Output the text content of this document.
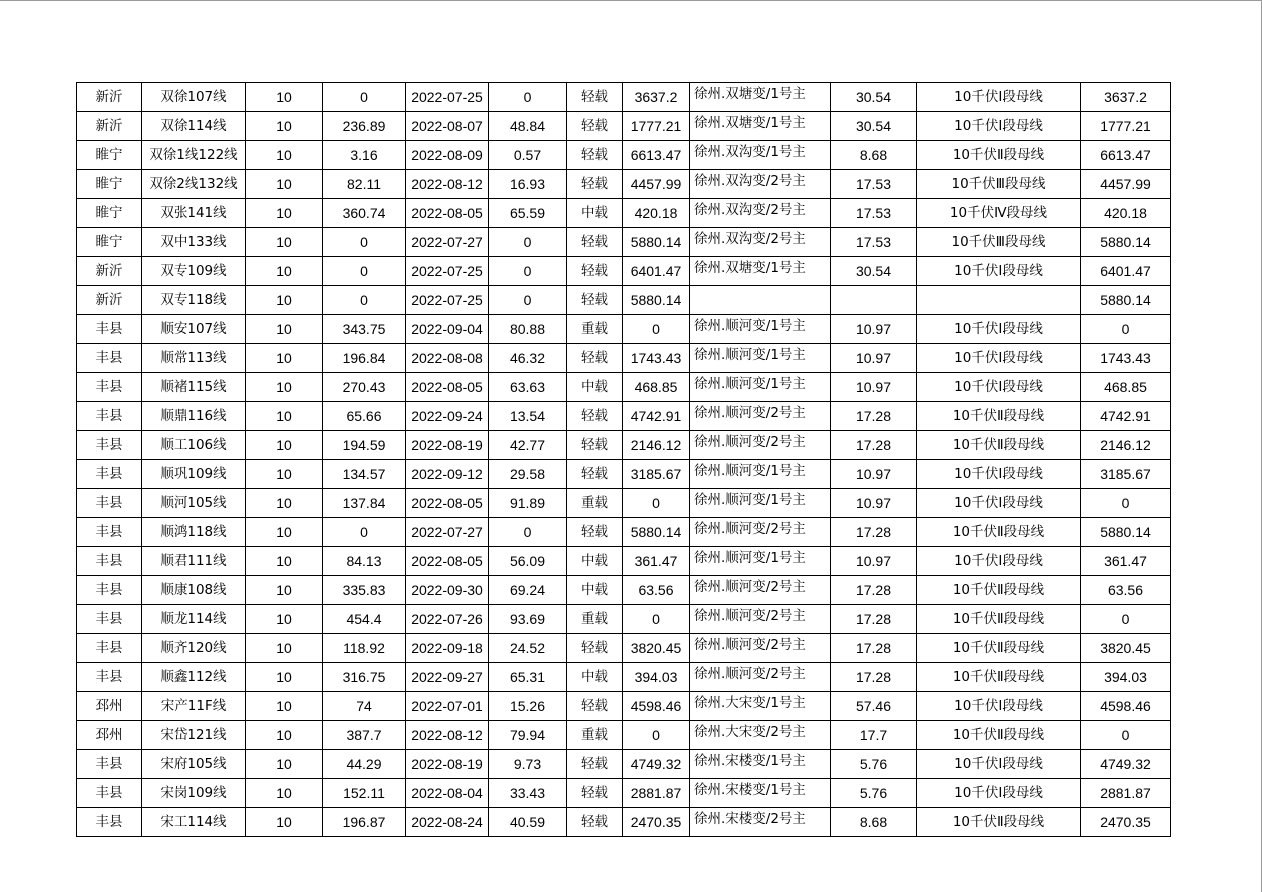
新沂	双徐107线	10	0	2022-07-25	0	轻载	3637.2	徐州.双塘变/1号主	30.54	10千伏Ⅰ段母线	3637.2
新沂	双徐114线	10	236.89	2022-08-07	48.84	轻载	1777.21	徐州.双塘变/1号主	30.54	10千伏Ⅰ段母线	1777.21
睢宁	双徐1线122线	10	3.16	2022-08-09	0.57	轻载	6613.47	徐州.双沟变/1号主	8.68	10千伏Ⅱ段母线	6613.47
睢宁	双徐2线132线	10	82.11	2022-08-12	16.93	轻载	4457.99	徐州.双沟变/2号主	17.53	10千伏Ⅲ段母线	4457.99
睢宁	双张141线	10	360.74	2022-08-05	65.59	中载	420.18	徐州.双沟变/2号主	17.53	10千伏Ⅳ段母线	420.18
睢宁	双中133线	10	0	2022-07-27	0	轻载	5880.14	徐州.双沟变/2号主	17.53	10千伏Ⅲ段母线	5880.14
新沂	双专109线	10	0	2022-07-25	0	轻载	6401.47	徐州.双塘变/1号主	30.54	10千伏Ⅰ段母线	6401.47
新沂	双专118线	10	0	2022-07-25	0	轻载	5880.14				5880.14
丰县	顺安107线	10	343.75	2022-09-04	80.88	重载	0	徐州.顺河变/1号主	10.97	10千伏Ⅰ段母线	0
丰县	顺常113线	10	196.84	2022-08-08	46.32	轻载	1743.43	徐州.顺河变/1号主	10.97	10千伏Ⅰ段母线	1743.43
丰县	顺褚115线	10	270.43	2022-08-05	63.63	中载	468.85	徐州.顺河变/1号主	10.97	10千伏Ⅰ段母线	468.85
丰县	顺鼎116线	10	65.66	2022-09-24	13.54	轻载	4742.91	徐州.顺河变/2号主	17.28	10千伏Ⅱ段母线	4742.91
丰县	顺工106线	10	194.59	2022-08-19	42.77	轻载	2146.12	徐州.顺河变/2号主	17.28	10千伏Ⅱ段母线	2146.12
丰县	顺巩109线	10	134.57	2022-09-12	29.58	轻载	3185.67	徐州.顺河变/1号主	10.97	10千伏Ⅰ段母线	3185.67
丰县	顺河105线	10	137.84	2022-08-05	91.89	重载	0	徐州.顺河变/1号主	10.97	10千伏Ⅰ段母线	0
丰县	顺鸿118线	10	0	2022-07-27	0	轻载	5880.14	徐州.顺河变/2号主	17.28	10千伏Ⅱ段母线	5880.14
丰县	顺君111线	10	84.13	2022-08-05	56.09	中载	361.47	徐州.顺河变/1号主	10.97	10千伏Ⅰ段母线	361.47
丰县	顺康108线	10	335.83	2022-09-30	69.24	中载	63.56	徐州.顺河变/2号主	17.28	10千伏Ⅱ段母线	63.56
丰县	顺龙114线	10	454.4	2022-07-26	93.69	重载	0	徐州.顺河变/2号主	17.28	10千伏Ⅱ段母线	0
丰县	顺齐120线	10	118.92	2022-09-18	24.52	轻载	3820.45	徐州.顺河变/2号主	17.28	10千伏Ⅱ段母线	3820.45
丰县	顺鑫112线	10	316.75	2022-09-27	65.31	中载	394.03	徐州.顺河变/2号主	17.28	10千伏Ⅱ段母线	394.03
邳州	宋产11F线	10	74	2022-07-01	15.26	轻载	4598.46	徐州.大宋变/1号主	57.46	10千伏Ⅰ段母线	4598.46
邳州	宋岱121线	10	387.7	2022-08-12	79.94	重载	0	徐州.大宋变/2号主	17.7	10千伏Ⅱ段母线	0
丰县	宋府105线	10	44.29	2022-08-19	9.73	轻载	4749.32	徐州.宋楼变/1号主	5.76	10千伏Ⅰ段母线	4749.32
丰县	宋岗109线	10	152.11	2022-08-04	33.43	轻载	2881.87	徐州.宋楼变/1号主	5.76	10千伏Ⅰ段母线	2881.87
丰县	宋工114线	10	196.87	2022-08-24	40.59	轻载	2470.35	徐州.宋楼变/2号主	8.68	10千伏Ⅱ段母线	2470.35
